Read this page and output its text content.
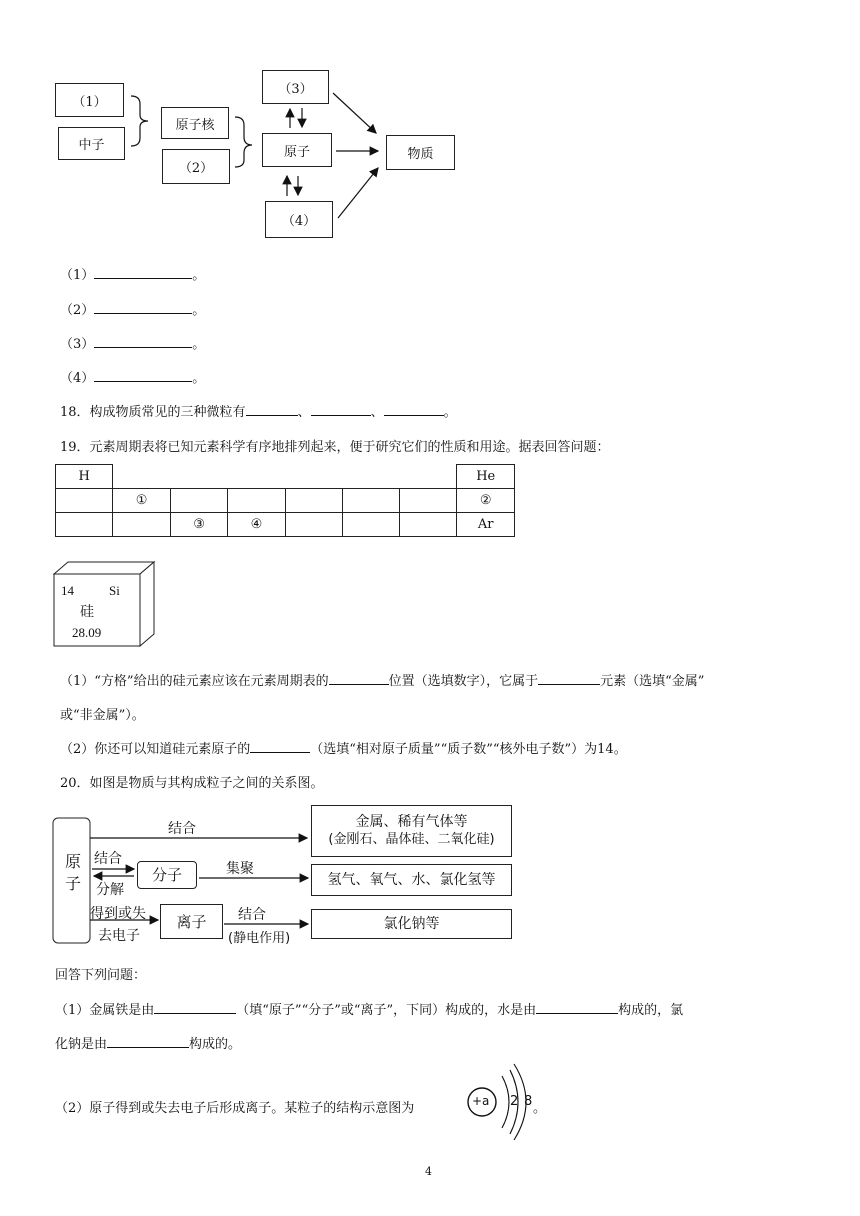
（1）
中子
原子核
（2）
（3）
原子
（4）
物质
（1）	。
（2）	。
（3）	。
（4）	。
18．构成物质常见的三种微粒有	、	、	。
19．元素周期表将已知元素科学有序地排列起来，便于研究它们的性质和用途。据表回答问题：
H							He
	①						②
		③	④				Ar
14	Si
硅
28.09
（1）“方格”给出的硅元素应该在元素周期表的	位置（选填数字），它属于	元素（选填“金属”
或“非金属”）。
（2）你还可以知道硅元素原子的	（选填“相对原子质量”“质子数”“核外电子数”）为14。
20．如图是物质与其构成粒子之间的关系图。
原子
结合	金属、稀有气体等
(金刚石、晶体硅、二氧化硅)
结合
分解
分子	集聚
氢气、氧气、水、氯化氢等
得到或失
去电子
离子	结合
(静电作用)
氯化钠等
回答下列问题：
（1）金属铁是由	（填“原子”“分子”或“离子”，下同）构成的，水是由	构成的，氯
化钠是由	构成的。
（2）原子得到或失去电子后形成离子。某粒子的结构示意图为	+a 2 8 。
4
